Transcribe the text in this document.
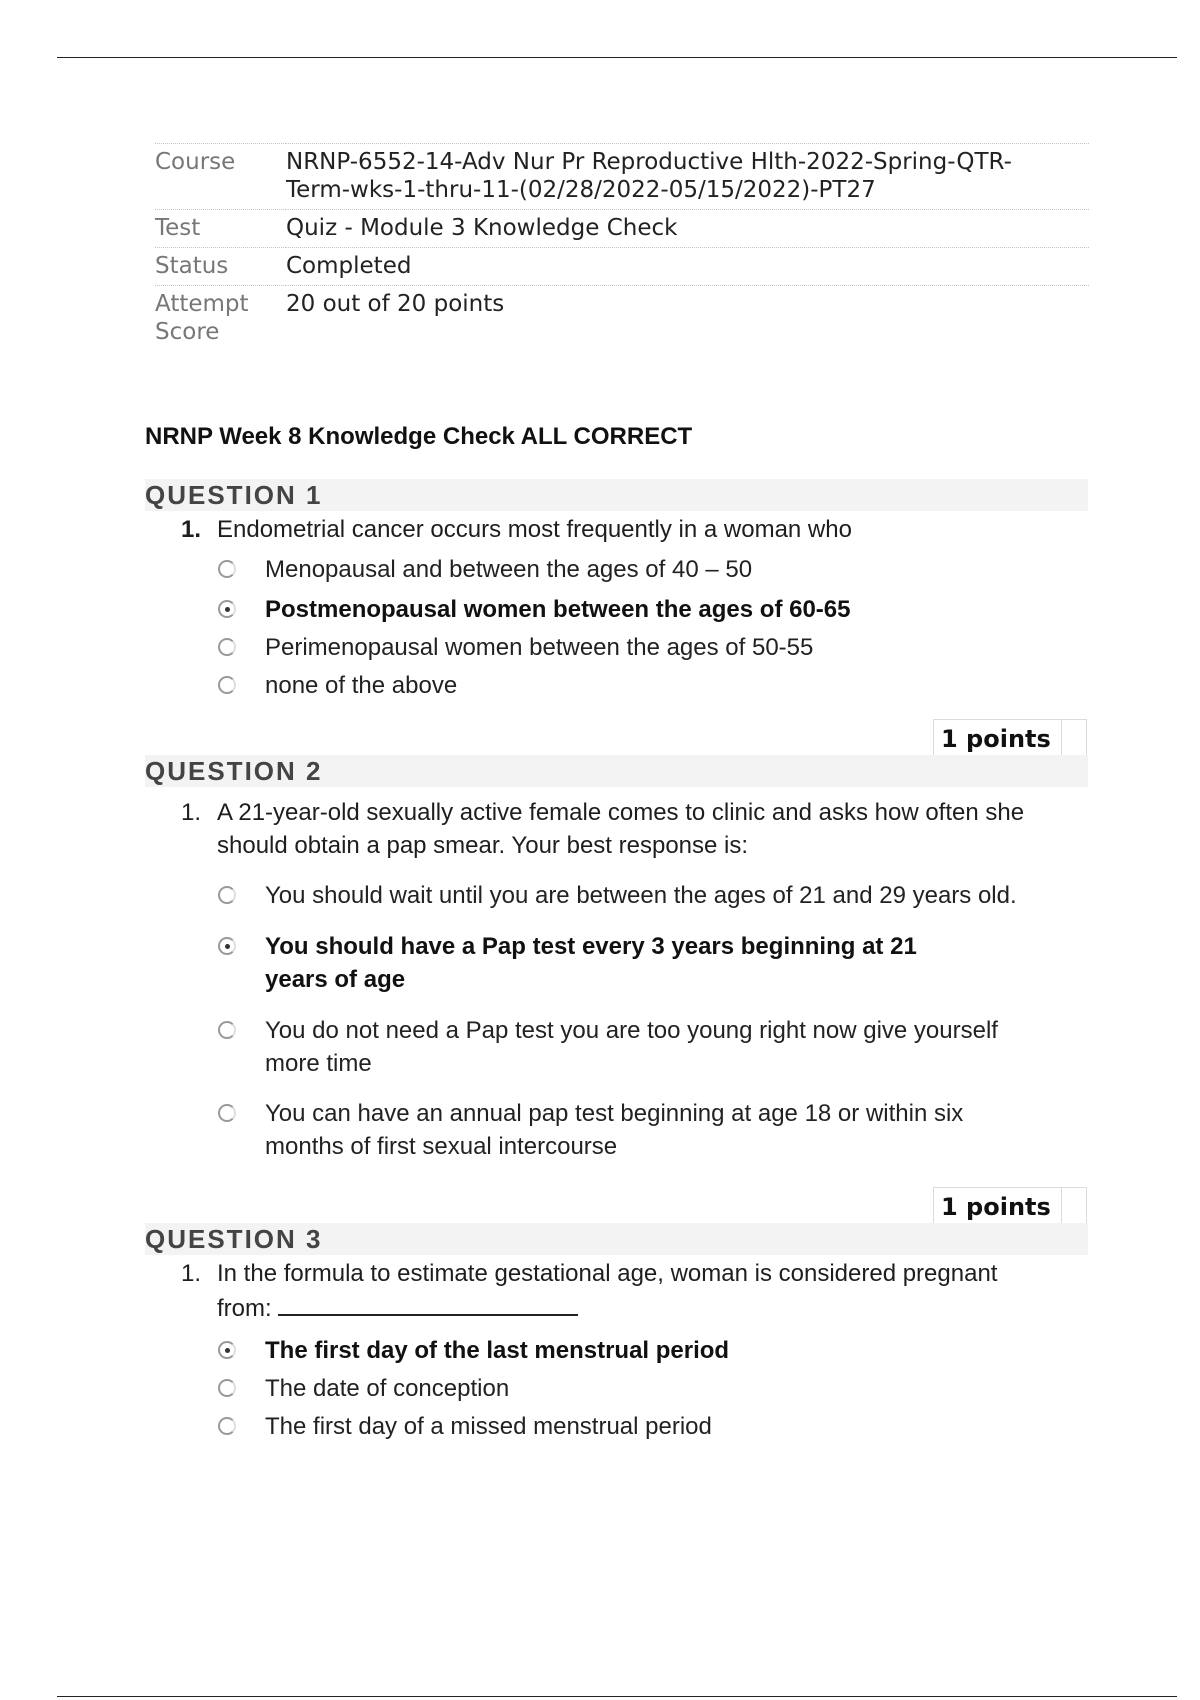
Course	NRNP-6552-14-Adv Nur Pr Reproductive Hlth-2022-Spring-QTR-
Term-wks-1-thru-11-(02/28/2022-05/15/2022)-PT27
Test	Quiz - Module 3 Knowledge Check
Status	Completed
Attempt
Score	20 out of 20 points
NRNP Week 8 Knowledge Check ALL CORRECT
QUESTION 1
1. Endometrial cancer occurs most frequently in a woman who
Menopausal and between the ages of 40 – 50
Postmenopausal women between the ages of 60-65
Perimenopausal women between the ages of 50-55
none of the above
1 points
QUESTION 2
1. A 21-year-old sexually active female comes to clinic and asks how often she
should obtain a pap smear. Your best response is:
You should wait until you are between the ages of 21 and 29 years old.
You should have a Pap test every 3 years beginning at 21 years of age
You do not need a Pap test you are too young right now give yourself more time
You can have an annual pap test beginning at age 18 or within six months of first sexual intercourse
1 points
QUESTION 3
1. In the formula to estimate gestational age, woman is considered pregnant
from:
The first day of the last menstrual period
The date of conception
The first day of a missed menstrual period
